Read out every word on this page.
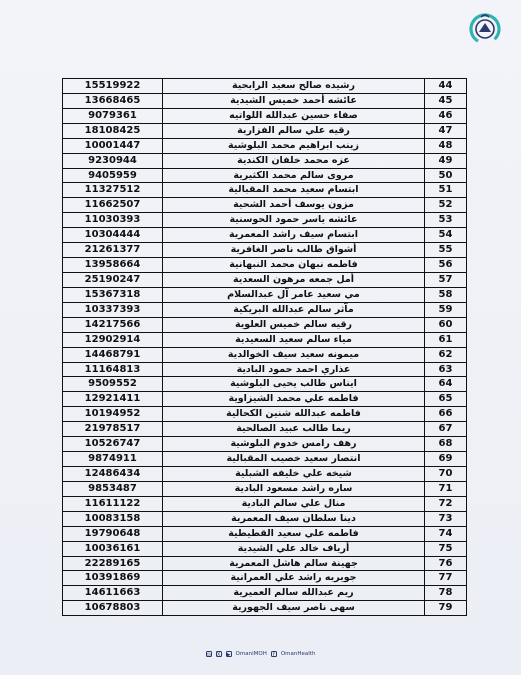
15519922	رشيده صالح سعيد الرابحية	44
13668465	عائشه أحمد خميس الشيدية	45
9079361	صفاء حسين عبدالله اللواتيه	46
18108425	رقيه علي سالم الفزارية	47
10001447	زينب ابراهيم محمد البلوشية	48
9230944	عزه محمد خلفان الكندية	49
9405959	مروى سالم محمد الكثيرية	50
11327512	ابتسام سعيد محمد المقبالية	51
11662507	مزون يوسف أحمد الشحية	52
11030393	عائشه ياسر حمود الحوسنية	53
10304444	ابتسام سيف راشد المعمرية	54
21261377	أشواق طالب ناصر الغافرية	55
13958664	فاطمه نبهان محمد النبهانية	56
25190247	أمل جمعه مرهون السعدية	57
15367318	مي سعيد عامر آل عبدالسلام	58
10337393	مآثر سالم عبدالله البريكية	59
14217566	رقيه سالم خميس العلوية	60
12902914	مياء سالم سعيد السعيدية	61
14468791	ميمونه سعيد سيف الخوالدية	62
11164813	عذاري احمد حمود البادية	63
9509552	ايناس طالب يحيى البلوشية	64
12921411	فاطمه علي محمد الشيزاوية	65
10194952	فاطمه عبدالله شنين الكحالية	66
21978517	ريما طالب عبيد الصالحية	67
10526747	رهف رامس خدوم البلوشية	68
9874911	انتصار سعيد خصيب المقبالية	69
12486434	شيخه علي خليفه الشبلية	70
9853487	ساره راشد مسعود البادية	71
11611122	منال علي سالم البادية	72
10083158	دينا سلطان سيف المعمرية	73
19790648	فاطمه علي سعيد القطيطية	74
10036161	أرياف خالد علي الشيدية	75
22289165	جهينة سالم هاشل المعمرية	76
10391869	جويريه راشد علي العمرانية	77
14611663	ريم عبدالله سالم العميرية	78
10678803	سهى ناصر سيف الجهورية	79
◎ X ▶ OmaniMOH	f	OmanHealth
